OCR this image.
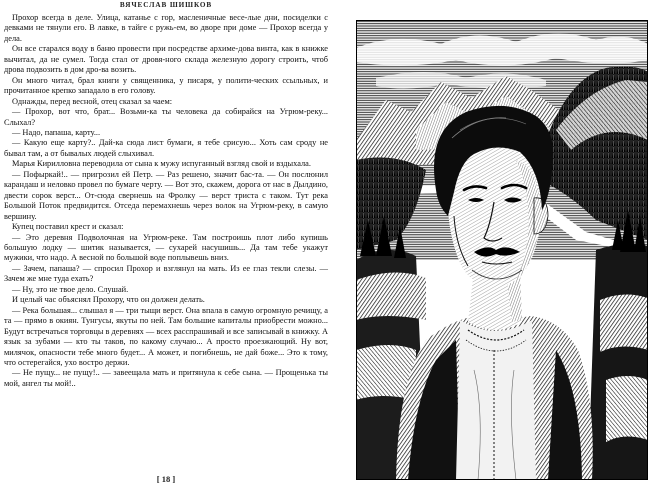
ВЯЧЕСЛАВ ШИШКОВ

Прохор всегда в деле. Улица, катанье с гор, масленичные весе-лые дни, посиделки с девками не тянули его. В лавке, в тайге с ружь-ем, во дворе при доме — Прохор всегда у дела.

Он все старался воду в баню провести при посредстве архиме-дова винта, как в книжке вычитал, да не сумел. Тогда стал от дровя-ного склада железную дорогу строить, чтоб дрова подвозить в дом дро-ва возить.

Он много читал, брал книги у священника, у писаря, у полити-ческих ссыльных, и прочитанное крепко западало в его голову.

Однажды, перед весной, отец сказал за чаем:

— Прохор, вот что, брат... Возьми-ка ты человека да собирайся на Угрюм-реку... Слыхал?

— Надо, папаша, карту...

— Какую еще карту?.. Дай-ка сюда лист бумаги, я тебе срисую... Хоть сам сроду не бывал там, а от бывалых людей слыхивал.

Марья Кирилловна переводила от сына к мужу испуганный взгляд свой и вздыхала.

— Пофыркай!.. — пригрозил ей Петр. — Раз решено, значит бас-та. — Он послюнил карандаш и неловко провел по бумаге черту. — Вот это, скажем, дорога от нас в Дылдино, двести сорок верст... От-сюда свернешь на Фролку — верст триста с таком. Тут река Большой Поток предвидится. Отседа перемахнешь через волок на Угрюм-реку, в самую вершину.

Купец поставил крест и сказал:

— Это деревня Подволочная на Угрюм-реке. Там построишь плот либо купишь большую лодку — шитик называется, — сухарей насушишь... Да там тебе укажут мужики, что надо. А весной по большой воде поплывешь вниз.

— Зачем, папаша? — спросил Прохор и взглянул на мать. Из ее глаз текли слезы. — Зачем же мне туда ехать?

— Ну, это не твое дело. Слушай.

И целый час объяснял Прохору, что он должен делать.

— Река большая... слышал я — три тыщи верст. Она впала в самую огромную речищу, а та — прямо в окиян. Тунгусы, якуты по ней. Там большие капиталы приобрести можно... Будут встречаться торговцы в деревнях — всех расспрашивай и все записывай в книжку. А язык за зубами — кто ты таков, по какому случаю... А просто проезжающий. Ну вот, милячок, опасности тебе много будет... А может, и погибнешь, не дай боже... Это к тому, что остерегайся, ухо востро держи.

— Не пущу... не пущу!.. — завеещала мать и притянула к себе сына. — Прощенька ты мой, ангел ты мой!..

[ 18 ]
